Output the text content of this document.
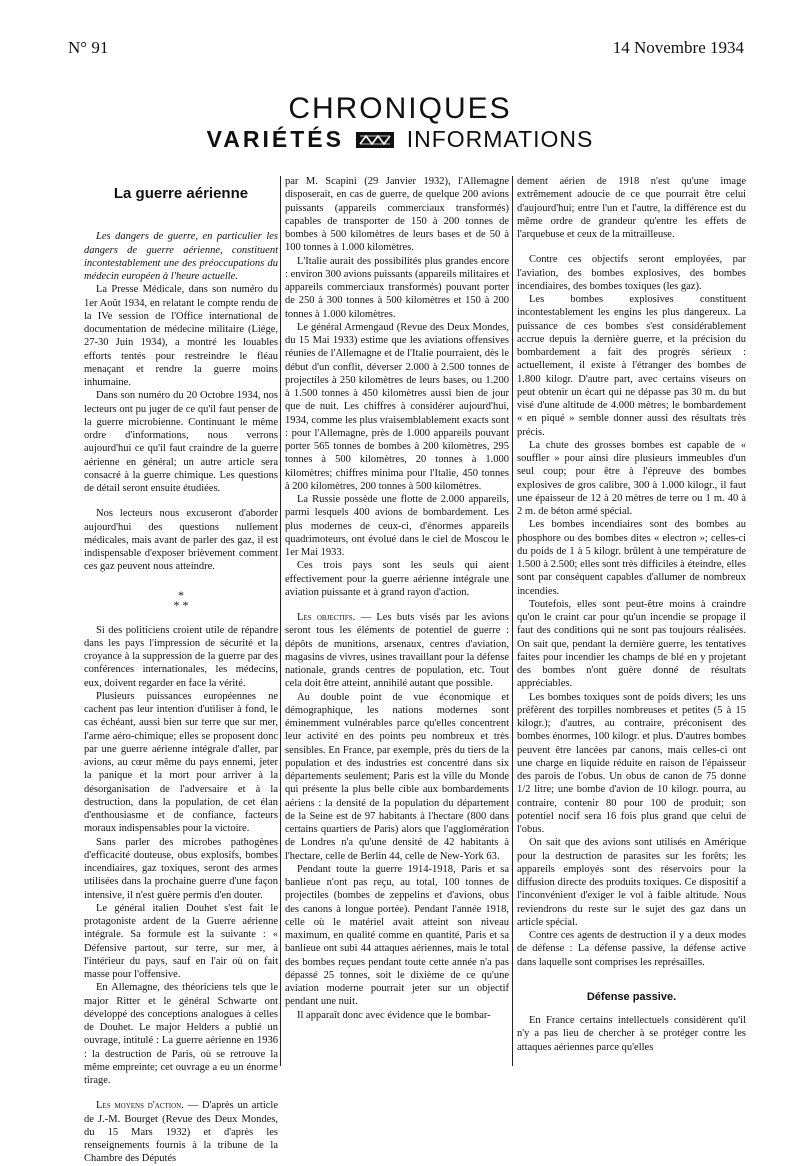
N° 91	14 Novembre 1934
CHRONIQUES
VARIÉTÉS	INFORMATIONS
La guerre aérienne

Les dangers de guerre, en particulier les dangers de guerre aérienne, constituent incontestablement une des préoccupations du médecin européen à l'heure actuelle.

La Presse Médicale, dans son numéro du 1er Août 1934, en relatant le compte rendu de la IVe session de l'Office international de documentation de médecine militaire (Liége, 27-30 Juin 1934), a montré les louables efforts tentés pour restreindre le fléau menaçant et rendre la guerre moins inhumaine.

Dans son numéro du 20 Octobre 1934, nos lecteurs ont pu juger de ce qu'il faut penser de la guerre microbienne. Continuant le même ordre d'informations, nous verrons aujourd'hui ce qu'il faut craindre de la guerre aérienne en général; un autre article sera consacré à la guerre chimique. Les questions de détail seront ensuite étudiées.

Nos lecteurs nous excuseront d'aborder aujourd'hui des questions nullement médicales, mais avant de parler des gaz, il est indispensable d'exposer brièvement comment ces gaz peuvent nous atteindre.

*
* *

Si des politiciens croient utile de répandre dans les pays l'impression de sécurité et la croyance à la suppression de la guerre par des conférences internationales, les médecins, eux, doivent regarder en face la vérité.

Plusieurs puissances européennes ne cachent pas leur intention d'utiliser à fond, le cas échéant, aussi bien sur terre que sur mer, l'arme aéro-chimique; elles se proposent donc par une guerre aérienne intégrale d'aller, par avions, au cœur même du pays ennemi, jeter la panique et la mort pour arriver à la désorganisation de l'adversaire et à la destruction, dans la population, de cet élan d'enthousiasme et de confiance, facteurs moraux indispensables pour la victoire.

Sans parler des microbes pathogènes d'efficacité douteuse, obus explosifs, bombes incendiaires, gaz toxiques, seront des armes utilisées dans la prochaine guerre d'une façon intensive, il n'est guère permis d'en douter.

Le général italien Douhet s'est fait le protagoniste ardent de la Guerre aérienne intégrale. Sa formule est la suivante : « Défensive partout, sur terre, sur mer, à l'intérieur du pays, sauf en l'air où on fait masse pour l'offensive.

En Allemagne, des théoriciens tels que le major Ritter et le général Schwarte ont développé des conceptions analogues à celles de Douhet. Le major Helders a publié un ouvrage, intitulé : La guerre aérienne en 1936 : la destruction de Paris, où se retrouve la même empreinte; cet ouvrage a eu un énorme tirage.

Les moyens d'action. — D'après un article de J.-M. Bourget (Revue des Deux Mondes, du 15 Mars 1932) et d'après les renseignements fournis à la tribune de la Chambre des Députés

par M. Scapini (29 Janvier 1932), l'Allemagne disposerait, en cas de guerre, de quelque 200 avions puissants (appareils commerciaux transformés) capables de transporter de 150 à 200 tonnes de bombes à 500 kilomètres de leurs bases et de 50 à 100 tonnes à 1.000 kilomètres.

L'Italie aurait des possibilités plus grandes encore : environ 300 avions puissants (appareils militaires et appareils commerciaux transformés) pouvant porter de 250 à 300 tonnes à 500 kilomètres et 150 à 200 tonnes à 1.000 kilomètres.

Le général Armengaud (Revue des Deux Mondes, du 15 Mai 1933) estime que les aviations offensives réunies de l'Allemagne et de l'Italie pourraient, dès le début d'un conflit, déverser 2.000 à 2.500 tonnes de projectiles à 250 kilomètres de leurs bases, ou 1.200 à 1.500 tonnes à 450 kilomètres aussi bien de jour que de nuit. Les chiffres à considérer aujourd'hui, 1934, comme les plus vraisemblablement exacts sont : pour l'Allemagne, près de 1.000 appareils pouvant porter 565 tonnes de bombes à 200 kilomètres, 295 tonnes à 500 kilomètres, 20 tonnes à 1.000 kilomètres; chiffres minima pour l'Italie, 450 tonnes à 200 kilomètres, 200 tonnes à 500 kilomètres.

La Russie possède une flotte de 2.000 appareils, parmi lesquels 400 avions de bombardement. Les plus modernes de ceux-ci, d'énormes appareils quadrimoteurs, ont évolué dans le ciel de Moscou le 1er Mai 1933.

Ces trois pays sont les seuls qui aient effectivement pour la guerre aérienne intégrale une aviation puissante et à grand rayon d'action.

Les objectifs. — Les buts visés par les avions seront tous les éléments de potentiel de guerre : dépôts de munitions, arsenaux, centres d'aviation, magasins de vivres, usines travaillant pour la défense nationale, grands centres de population, etc. Tout cela doit être atteint, annihilé autant que possible.

Au double point de vue économique et démographique, les nations modernes sont éminemment vulnérables parce qu'elles concentrent leur activité en des points peu nombreux et très sensibles. En France, par exemple, près du tiers de la population et des industries est concentré dans six départements seulement; Paris est la ville du Monde qui présente la plus belle cible aux bombardements aériens : la densité de la population du département de la Seine est de 97 habitants à l'hectare (800 dans certains quartiers de Paris) alors que l'agglomération de Londres n'a qu'une densité de 42 habitants à l'hectare, celle de Berlin 44, celle de New-York 63.

Pendant toute la guerre 1914-1918, Paris et sa banlieue n'ont pas reçu, au total, 100 tonnes de projectiles (bombes de zeppelins et d'avions, obus des canons à longue portée). Pendant l'année 1918, celle où le matériel avait atteint son niveau maximum, en qualité comme en quantité, Paris et sa banlieue ont subi 44 attaques aériennes, mais le total des bombes reçues pendant toute cette année n'a pas dépassé 25 tonnes, soit le dixième de ce qu'une aviation moderne pourrait jeter sur un objectif pendant une nuit.

Il apparaît donc avec évidence que le bombar-

dement aérien de 1918 n'est qu'une image extrêmement adoucie de ce que pourrait être celui d'aujourd'hui; entre l'un et l'autre, la différence est du même ordre de grandeur qu'entre les effets de l'arquebuse et ceux de la mitrailleuse.

Contre ces objectifs seront employées, par l'aviation, des bombes explosives, des bombes incendiaires, des bombes toxiques (les gaz).

Les bombes explosives constituent incontestablement les engins les plus dangereux. La puissance de ces bombes s'est considérablement accrue depuis la dernière guerre, et la précision du bombardement a fait des progrès sérieux : actuellement, il existe à l'étranger des bombes de 1.800 kilogr. D'autre part, avec certains viseurs on peut obtenir un écart qui ne dépasse pas 30 m. du but visé d'une altitude de 4.000 mètres; le bombardement « en piqué » semble donner aussi des résultats très précis.

La chute des grosses bombes est capable de « souffler » pour ainsi dire plusieurs immeubles d'un seul coup; pour être à l'épreuve des bombes explosives de gros calibre, 300 à 1.000 kilogr., il faut une épaisseur de 12 à 20 mètres de terre ou 1 m. 40 à 2 m. de béton armé spécial.

Les bombes incendiaires sont des bombes au phosphore ou des bombes dites « electron »; celles-ci du poids de 1 à 5 kilogr. brûlent à une température de 1.500 à 2.500; elles sont très difficiles à éteindre, elles sont par conséquent capables d'allumer de nombreux incendies.

Toutefois, elles sont peut-être moins à craindre qu'on le craint car pour qu'un incendie se propage il faut des conditions qui ne sont pas toujours réalisées. On sait que, pendant la dernière guerre, les tentatives faites pour incendier les champs de blé en y projetant des bombes n'ont guère donné de résultats appréciables.

Les bombes toxiques sont de poids divers; les uns préfèrent des torpilles nombreuses et petites (5 à 15 kilogr.); d'autres, au contraire, préconisent des bombes énormes, 100 kilogr. et plus. D'autres bombes peuvent être lancées par canons, mais celles-ci ont une charge en liquide réduite en raison de l'épaisseur des parois de l'obus. Un obus de canon de 75 donne 1/2 litre; une bombe d'avion de 10 kilogr. pourra, au contraire, contenir 80 pour 100 de produit; son potentiel nocif sera 16 fois plus grand que celui de l'obus.

On sait que des avions sont utilisés en Amérique pour la destruction de parasites sur les forêts; les appareils employés sont des réservoirs pour la diffusion directe des produits toxiques. Ce dispositif a l'inconvénient d'exiger le vol à faible altitude. Nous reviendrons du reste sur le sujet des gaz dans un article spécial.

Contre ces agents de destruction il y a deux modes de défense : La défense passive, la défense active dans laquelle sont comprises les représailles.

Défense passive.

En France certains intellectuels considèrent qu'il n'y a pas lieu de chercher à se protéger contre les attaques aériennes parce qu'elles
